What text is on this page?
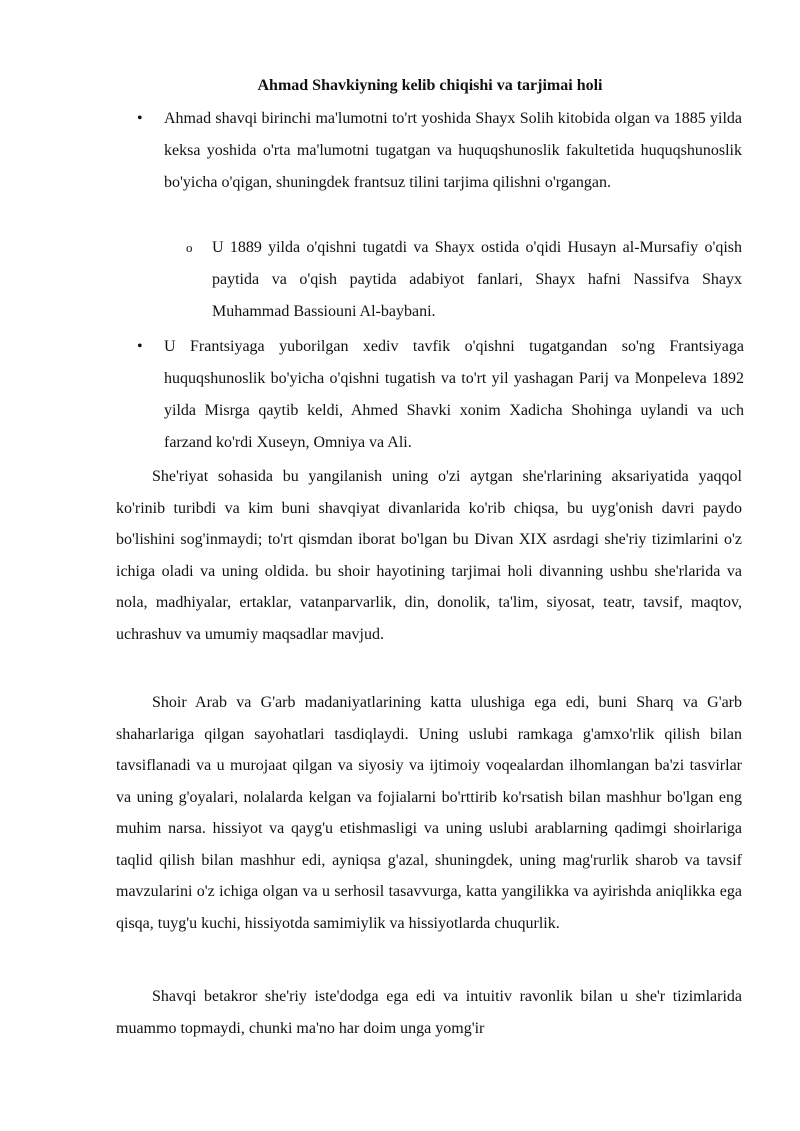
Ahmad Shavkiyning kelib chiqishi va tarjimai holi
• Ahmad shavqi birinchi ma'lumotni to'rt yoshida Shayx Solih kitobida olgan va 1885 yilda keksa yoshida o'rta ma'lumotni tugatgan va huquqshunoslik fakultetida huquqshunoslik bo'yicha o'qigan, shuningdek frantsuz tilini tarjima qilishni o'rgangan.
o U 1889 yilda o'qishni tugatdi va Shayx ostida o'qidi Husayn al-Mursafiy o'qish paytida va o'qish paytida adabiyot fanlari, Shayx hafni Nassifva Shayx Muhammad Bassiouni Al-baybani.
• U Frantsiyaga yuborilgan xediv tavfik o'qishni tugatgandan so'ng Frantsiyaga huquqshunoslik bo'yicha o'qishni tugatish va to'rt yil yashagan Parij va Monpeleva 1892 yilda Misrga qaytib keldi, Ahmed Shavki xonim Xadicha Shohinga uylandi va uch farzand ko'rdi Xuseyn, Omniya va Ali.

She'riyat sohasida bu yangilanish uning o'zi aytgan she'rlarining aksariyatida yaqqol ko'rinib turibdi va kim buni shavqiyat divanlarida ko'rib chiqsa, bu uyg'onish davri paydo bo'lishini sog'inmaydi; to'rt qismdan iborat bo'lgan bu Divan XIX asrdagi she'riy tizimlarini o'z ichiga oladi va uning oldida. bu shoir hayotining tarjimai holi divanning ushbu she'rlarida va nola, madhiyalar, ertaklar, vatanparvarlik, din, donolik, ta'lim, siyosat, teatr, tavsif, maqtov, uchrashuv va umumiy maqsadlar mavjud.

Shoir Arab va G'arb madaniyatlarining katta ulushiga ega edi, buni Sharq va G'arb shaharlariga qilgan sayohatlari tasdiqlaydi. Uning uslubi ramkaga g'amxo'rlik qilish bilan tavsiflanadi va u murojaat qilgan va siyosiy va ijtimoiy voqealardan ilhomlangan ba'zi tasvirlar va uning g'oyalari, nolalarda kelgan va fojialarni bo'rttirib ko'rsatish bilan mashhur bo'lgan eng muhim narsa. hissiyot va qayg'u etishmasligi va uning uslubi arablarning qadimgi shoirlariga taqlid qilish bilan mashhur edi, ayniqsa g'azal, shuningdek, uning mag'rurlik sharob va tavsif mavzularini o'z ichiga olgan va u serhosil tasavvurga, katta yangilikka va ayirishda aniqlikka ega qisqa, tuyg'u kuchi, hissiyotda samimiylik va hissiyotlarda chuqurlik.

Shavqi betakror she'riy iste'dodga ega edi va intuitiv ravonlik bilan u she'r tizimlarida muammo topmaydi, chunki ma'no har doim unga yomg'ir
